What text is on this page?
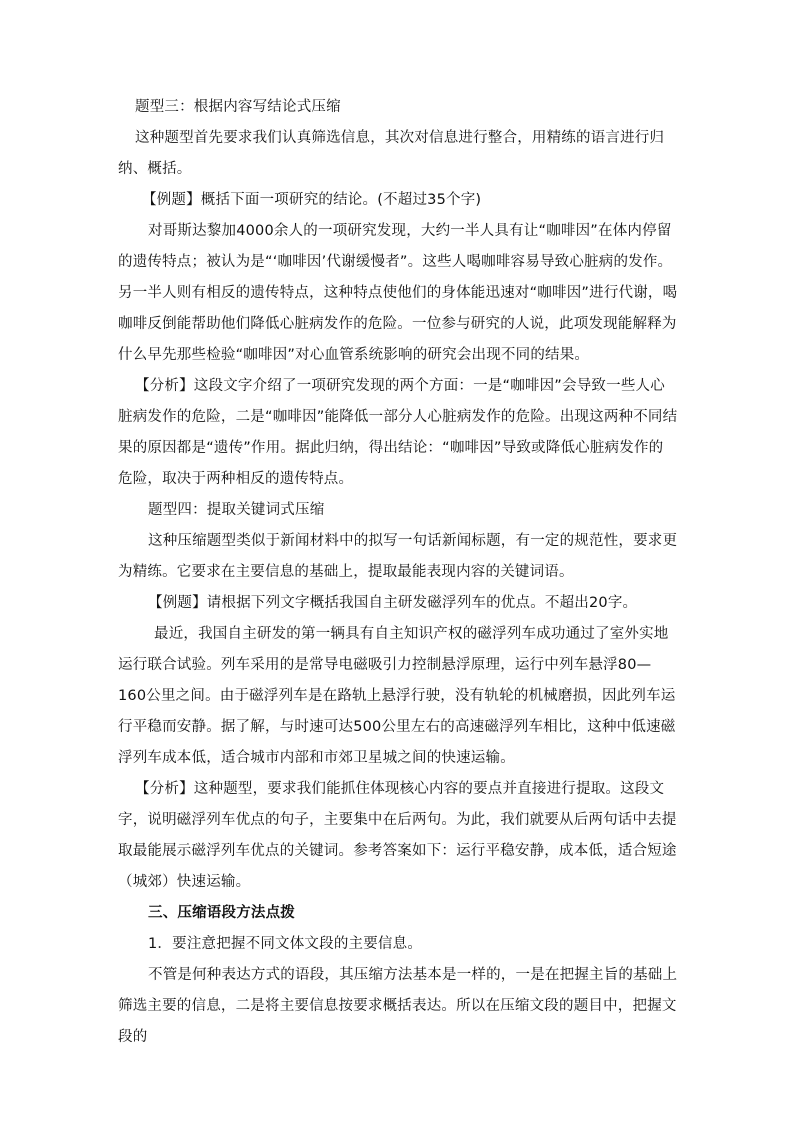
题型三：根据内容写结论式压缩

这种题型首先要求我们认真筛选信息，其次对信息进行整合，用精练的语言进行归纳、概括。

【例题】概括下面一项研究的结论。(不超过35个字)

对哥斯达黎加4000余人的一项研究发现，大约一半人具有让“咖啡因”在体内停留的遗传特点；被认为是“‘咖啡因’代谢缓慢者”。这些人喝咖啡容易导致心脏病的发作。另一半人则有相反的遗传特点，这种特点使他们的身体能迅速对“咖啡因”进行代谢，喝咖啡反倒能帮助他们降低心脏病发作的危险。一位参与研究的人说，此项发现能解释为什么早先那些检验“咖啡因”对心血管系统影响的研究会出现不同的结果。

【分析】这段文字介绍了一项研究发现的两个方面：一是“咖啡因”会导致一些人心脏病发作的危险，二是“咖啡因”能降低一部分人心脏病发作的危险。出现这两种不同结果的原因都是“遗传”作用。据此归纳，得出结论：“咖啡因”导致或降低心脏病发作的危险，取决于两种相反的遗传特点。

题型四：提取关键词式压缩

这种压缩题型类似于新闻材料中的拟写一句话新闻标题，有一定的规范性，要求更为精练。它要求在主要信息的基础上，提取最能表现内容的关键词语。

【例题】请根据下列文字概括我国自主研发磁浮列车的优点。不超出20字。

最近，我国自主研发的第一辆具有自主知识产权的磁浮列车成功通过了室外实地运行联合试验。列车采用的是常导电磁吸引力控制悬浮原理，运行中列车悬浮80—160公里之间。由于磁浮列车是在路轨上悬浮行驶，没有轨轮的机械磨损，因此列车运行平稳而安静。据了解，与时速可达500公里左右的高速磁浮列车相比，这种中低速磁浮列车成本低，适合城市内部和市郊卫星城之间的快速运输。

【分析】这种题型，要求我们能抓住体现核心内容的要点并直接进行提取。这段文字，说明磁浮列车优点的句子，主要集中在后两句。为此，我们就要从后两句话中去提取最能展示磁浮列车优点的关键词。参考答案如下：运行平稳安静，成本低，适合短途（城郊）快速运输。

三、压缩语段方法点拨

1．要注意把握不同文体文段的主要信息。

不管是何种表达方式的语段，其压缩方法基本是一样的，一是在把握主旨的基础上筛选主要的信息，二是将主要信息按要求概括表达。所以在压缩文段的题目中，把握文段的
